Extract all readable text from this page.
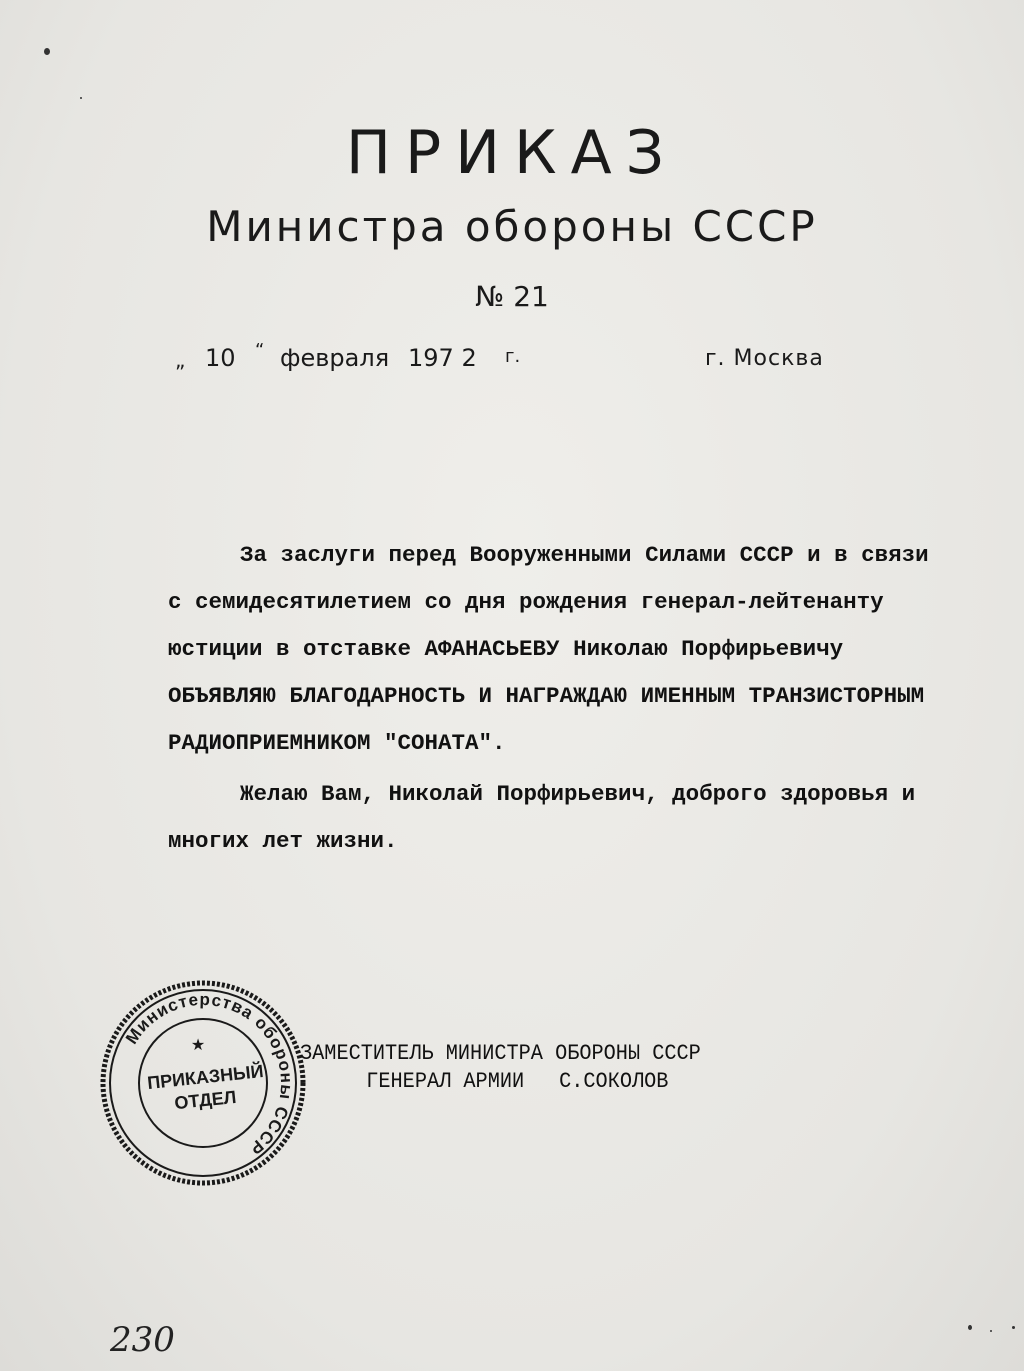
ПРИКАЗ
Министра обороны СССР
№ 21
„ 10 “ февраля 197 2 г.	г. Москва
За заслуги перед Вооруженными Силами СССР и в связи
с семидесятилетием со дня рождения генерал-лейтенанту
юстиции в отставке АФАНАСЬЕВУ Николаю Порфирьевичу
ОБЪЯВЛЯЮ БЛАГОДАРНОСТЬ И НАГРАЖДАЮ ИМЕННЫМ ТРАНЗИСТОРНЫМ
РАДИОПРИЕМНИКОМ "СОНАТА".
Желаю Вам, Николай Порфирьевич, доброго здоровья и
многих лет жизни.
Министерства обороны СССР
★
ПРИКАЗНЫЙ
ОТДЕЛ
ЗАМЕСТИТЕЛЬ МИНИСТРА ОБОРОНЫ СССР
ГЕНЕРАЛ АРМИИ С.СОКОЛОВ
230
